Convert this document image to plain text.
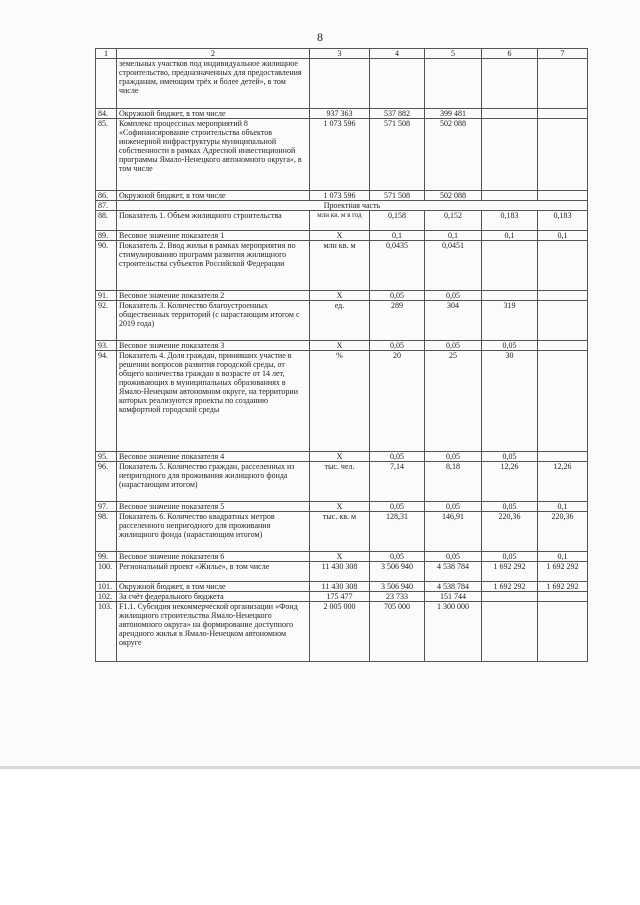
8
1	2	3	4	5	6	7
	земельных участков под индивидуальное жилищное строительство, предназначенных для предоставления гражданам, имеющим трёх и более детей», в том числе					
84.	Окружной бюджет, в том числе	937 363	537 882	399 481		
85.	Комплекс процессных мероприятий 8 «Софинансирование строительства объектов инженерной инфраструктуры муниципальной собственности в рамках Адресной инвестиционной программы Ямало-Ненецкого автономного округа», в том числе	1 073 596	571 508	502 088		
86.	Окружной бюджет, в том числе	1 073 596	571 508	502 088		
87.	Проектная часть					
88.	Показатель 1. Объем жилищного строительства	млн кв. м в год	0,158	0,152	0,183	0,183
89.	Весовое значение показателя 1	Х	0,1	0,1	0,1	0,1
90.	Показатель 2. Ввод жилья в рамках мероприятия по стимулированию программ развития жилищного строительства субъектов Российской Федерации	млн кв. м	0,0435	0,0451		
91.	Весовое значение показателя 2	Х	0,05	0,05		
92.	Показатель 3. Количество благоустроенных общественных территорий (с нарастающим итогом с 2019 года)	ед.	289	304	319	
93.	Весовое значение показателя 3	Х	0,05	0,05	0,05	
94.	Показатель 4. Доля граждан, принявших участие в решении вопросов развития городской среды, от общего количества граждан в возрасте от 14 лет, проживающих в муниципальных образованиях в Ямало-Ненецком автономном округе, на территории которых реализуются проекты по созданию комфортной городской среды	%	20	25	30	
95.	Весовое значение показателя 4	Х	0,05	0,05	0,05	
96.	Показатель 5. Количество граждан, расселенных из непригодного для проживания жилищного фонда (нарастающим итогом)	тыс. чел.	7,14	8,18	12,26	12,26
97.	Весовое значение показателя 5	Х	0,05	0,05	0,05	0,1
98.	Показатель 6. Количество квадратных метров расселенного непригодного для проживания жилищного фонда (нарастающим итогом)	тыс. кв. м	128,31	146,91	220,36	220,36
99.	Весовое значение показателя 6	Х	0,05	0,05	0,05	0,1
100.	Региональный проект «Жилье», в том числе	11 430 308	3 506 940	4 538 784	1 692 292	1 692 292
101.	Окружной бюджет, в том числе	11 430 308	3 506 940	4 538 784	1 692 292	1 692 292
102.	За счёт федерального бюджета	175 477	23 733	151 744		
103.	F1.1. Субсидия некоммерческой организации «Фонд жилищного строительства Ямало-Ненецкого автономного округа» на формирование доступного арендного жилья в Ямало-Ненецком автономном округе	2 005 000	705 000	1 300 000		
